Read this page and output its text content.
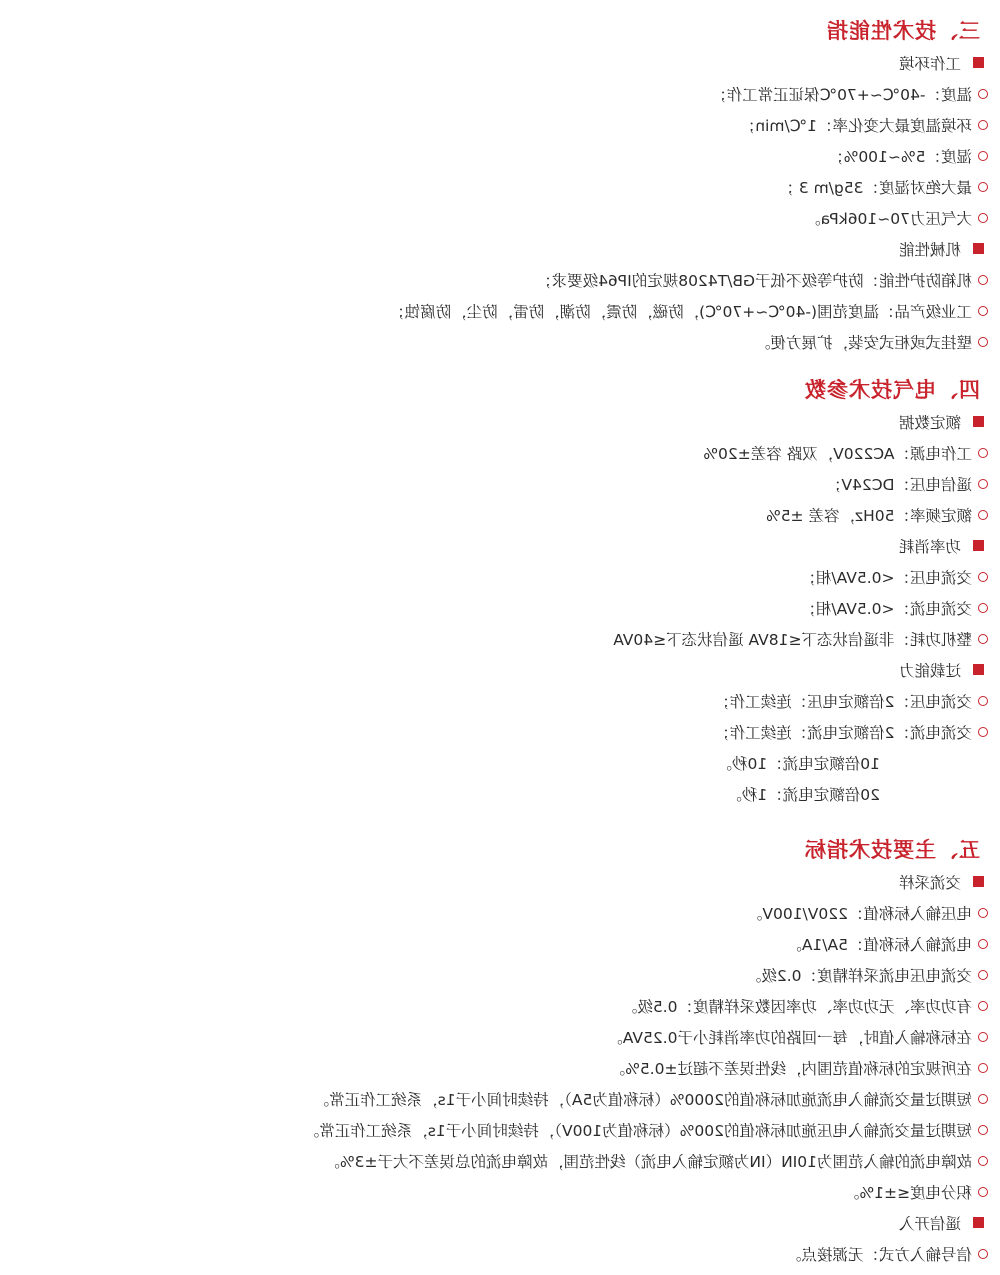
三、技术性能指
工作环境
温度：-40℃~+70℃保证正常工作；
环境温度最大变化率：1℃/min；
湿度：5%~100%；
最大绝对湿度：35g/m 3 ；
大气压力70~106kPa。
机械性能
机箱防护性能：防护等级不低于GB/T4208规定的IP64级要求；
工业级产品：温度范围(-40℃~+70℃)，防磁，防震，防潮，防雷，防尘，防腐蚀；
壁挂式或柜式安装，扩展方便。
四、电气技术参数
额定数据
工作电源：AC220V，双路 容差±20%
遥信电压：DC24V；
额定频率：50Hz，容差 ±5%
功率消耗
交流电压：<0.5VA/相；
交流电流：<0.5VA/相；
整机功耗：非遥信状态下≤18VA 遥信状态下≤40VA
过载能力
交流电压：2倍额定电压：连续工作；
交流电流：2倍额定电流：连续工作；
10倍额定电流：10秒。
20倍额定电流：1秒。
五、主要技术指标
交流采样
电压输入标称值：220V/100V。
电流输入标称值：5A/1A。
交流电压电流采样精度：0.2级。
有功功率、无功功率、功率因数采样精度：0.5级。
在标称输入值时，每一回路的功率消耗小于0.25VA。
在所规定的标称值范围内，线性误差不超过±0.5%。
短期过量交流输入电流施加标称值的2000%（标称值为5A），持续时间小于1s，系统工作正常。
短期过量交流输入电压施加标称值的200%（标称值为100V），持续时间小于1s，系统工作正常。
故障电流的输入范围为10IN（IN为额定输入电流）线性范围，故障电流的总误差不大于±3%。
积分电度≤±1%。
遥信开入
信号输入方式：无源接点。
